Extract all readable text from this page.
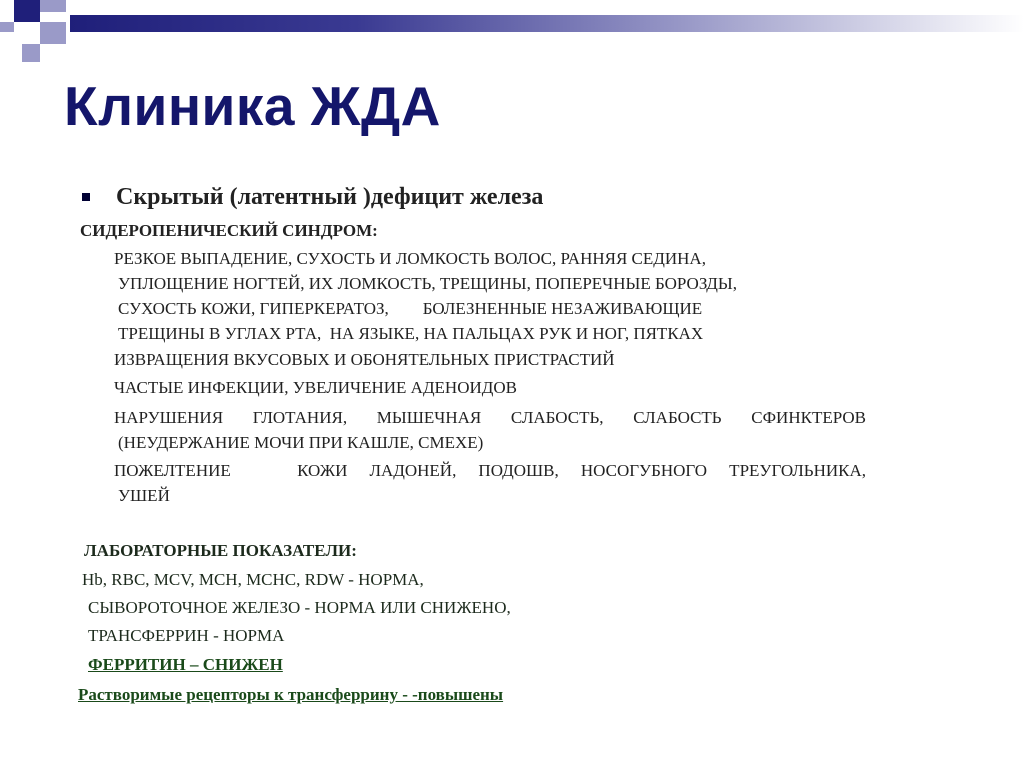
Клиника ЖДА
Скрытый (латентный )дефицит железа
СИДЕРОПЕНИЧЕСКИЙ СИНДРОМ:
РЕЗКОЕ ВЫПАДЕНИЕ, СУХОСТЬ И ЛОМКОСТЬ ВОЛОС, РАННЯЯ СЕДИНА,
УПЛОЩЕНИЕ НОГТЕЙ, ИХ ЛОМКОСТЬ, ТРЕЩИНЫ, ПОПЕРЕЧНЫЕ БОРОЗДЫ,
СУХОСТЬ КОЖИ, ГИПЕРКЕРАТОЗ,        БОЛЕЗНЕННЫЕ НЕЗАЖИВАЮЩИЕ
ТРЕЩИНЫ В УГЛАХ РТА,  НА ЯЗЫКЕ, НА ПАЛЬЦАХ РУК И НОГ, ПЯТКАХ
ИЗВРАЩЕНИЯ ВКУСОВЫХ И ОБОНЯТЕЛЬНЫХ ПРИСТРАСТИЙ
ЧАСТЫЕ ИНФЕКЦИИ, УВЕЛИЧЕНИЕ АДЕНОИДОВ
НАРУШЕНИЯ ГЛОТАНИЯ, МЫШЕЧНАЯ СЛАБОСТЬ, СЛАБОСТЬ СФИНКТЕРОВ
(НЕУДЕРЖАНИЕ МОЧИ ПРИ КАШЛЕ, СМЕХЕ)
ПОЖЕЛТЕНИЕ   КОЖИ ЛАДОНЕЙ, ПОДОШВ, НОСОГУБНОГО ТРЕУГОЛЬНИКА,
УШЕЙ
ЛАБОРАТОРНЫЕ ПОКАЗАТЕЛИ:
Hb, RBC, MCV, MCH, MCHC, RDW - НОРМА,
СЫВОРОТОЧНОЕ ЖЕЛЕЗО - НОРМА ИЛИ СНИЖЕНО,
ТРАНСФЕРРИН - НОРМА
ФЕРРИТИН – СНИЖЕН
Растворимые рецепторы к трансферрину - -повышены
